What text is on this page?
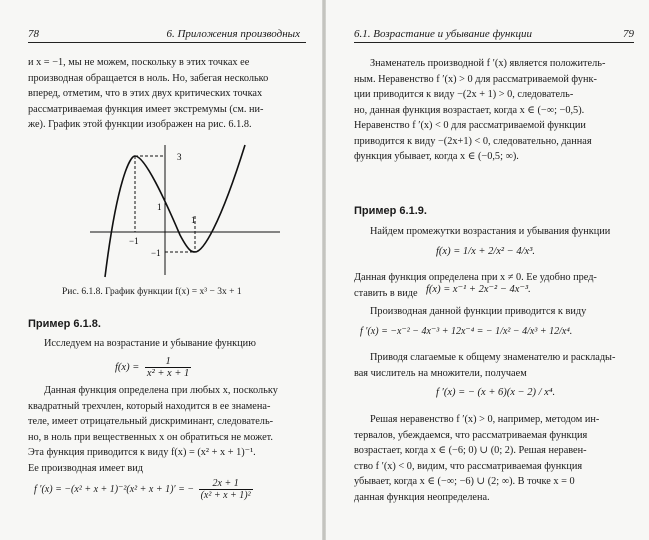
78	6. Приложения производных

и x = −1, мы не можем, поскольку в этих точках ее

производная обращается в ноль. Но, забегая несколько

вперед, отметим, что в этих двух критических точках

рассматриваемая функция имеет экстремумы (см. ни-

же). График этой функции изображен на рис. 6.1.8.

3
1
−1
1
−1
Рис. 6.1.8. График функции f(x) = x³ − 3x + 1
Пример 6.1.8.

Исследуем на возрастание и убывание функцию

$f(x) = \frac{1}{\text{x² + x + 1}}$

Данная функция определена при любых x, поскольку

квадратный трехчлен, который находится в ее знамена-

теле, имеет отрицательный дискриминант, следователь-

но, в ноль при вещественных x он обратиться не может.

Эта функция приводится к виду f(x) = (x² + x + 1)⁻¹.

Ее производная имеет вид

f ′(x) = −(x² + x + 1)⁻²(x² + x + 1)′ = − $\frac{2x + 1}{\text{(x² + x + 1)²}}$
6.1. Возрастание и убывание функции	79

Знаменатель производной f ′(x) является положитель-

ным. Неравенство f ′(x) > 0 для рассматриваемой функ-

ции приводится к виду −(2x + 1) > 0, следователь-

но, данная функция возрастает, когда x ∈ (−∞; −0,5).

Неравенство f ′(x) < 0 для рассматриваемой функции

приводится к виду −(2x+1) < 0, следовательно, данная

функция убывает, когда x ∈ (−0,5; ∞).

Пример 6.1.9.

Найдем промежутки возрастания и убывания функции

f(x) = 1/x + 2/x² − 4/x³.

Данная функция определена при x ≠ 0. Ее удобно пред-

ставить в виде f(x) = x⁻¹ + 2x⁻² − 4x⁻³.

Производная данной функции приводится к виду

f ′(x) = −x⁻² − 4x⁻³ + 12x⁻⁴ = − 1/x² − 4/x³ + 12/x⁴.

Приводя слагаемые к общему знаменателю и расклады-

вая числитель на множители, получаем

f ′(x) = − (x + 6)(x − 2) / x⁴.

Решая неравенство f ′(x) > 0, например, методом ин-

тервалов, убеждаемся, что рассматриваемая функция

возрастает, когда x ∈ (−6; 0) ∪ (0; 2). Решая неравен-

ство f ′(x) < 0, видим, что рассматриваемая функция

убывает, когда x ∈ (−∞; −6) ∪ (2; ∞). В точке x = 0

данная функция неопределена.
